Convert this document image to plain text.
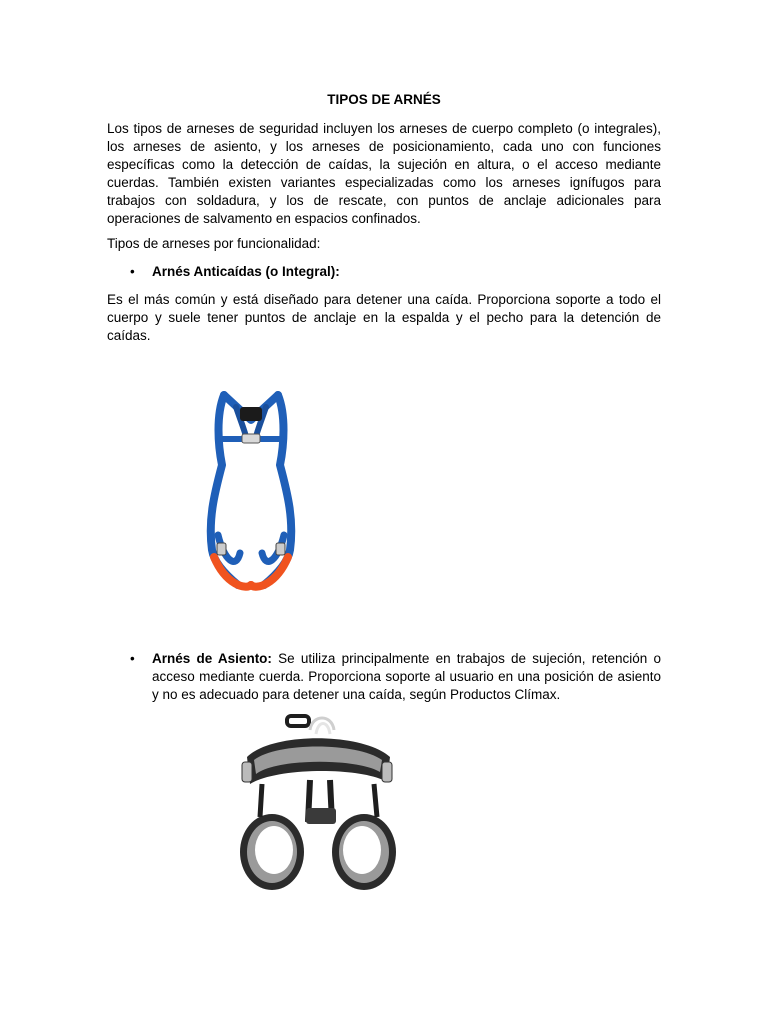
TIPOS DE ARNÉS

Los tipos de arneses de seguridad incluyen los arneses de cuerpo completo (o integrales), los arneses de asiento, y los arneses de posicionamiento, cada uno con funciones específicas como la detección de caídas, la sujeción en altura, o el acceso mediante cuerdas. También existen variantes especializadas como los arneses ignífugos para trabajos con soldadura, y los de rescate, con puntos de anclaje adicionales para operaciones de salvamento en espacios confinados.

Tipos de arneses por funcionalidad:
• Arnés Anticaídas (o Integral):

Es el más común y está diseñado para detener una caída. Proporciona soporte a todo el cuerpo y suele tener puntos de anclaje en la espalda y el pecho para la detención de caídas.

• Arnés de Asiento: Se utiliza principalmente en trabajos de sujeción, retención o acceso mediante cuerda. Proporciona soporte al usuario en una posición de asiento y no es adecuado para detener una caída, según Productos Clímax.
